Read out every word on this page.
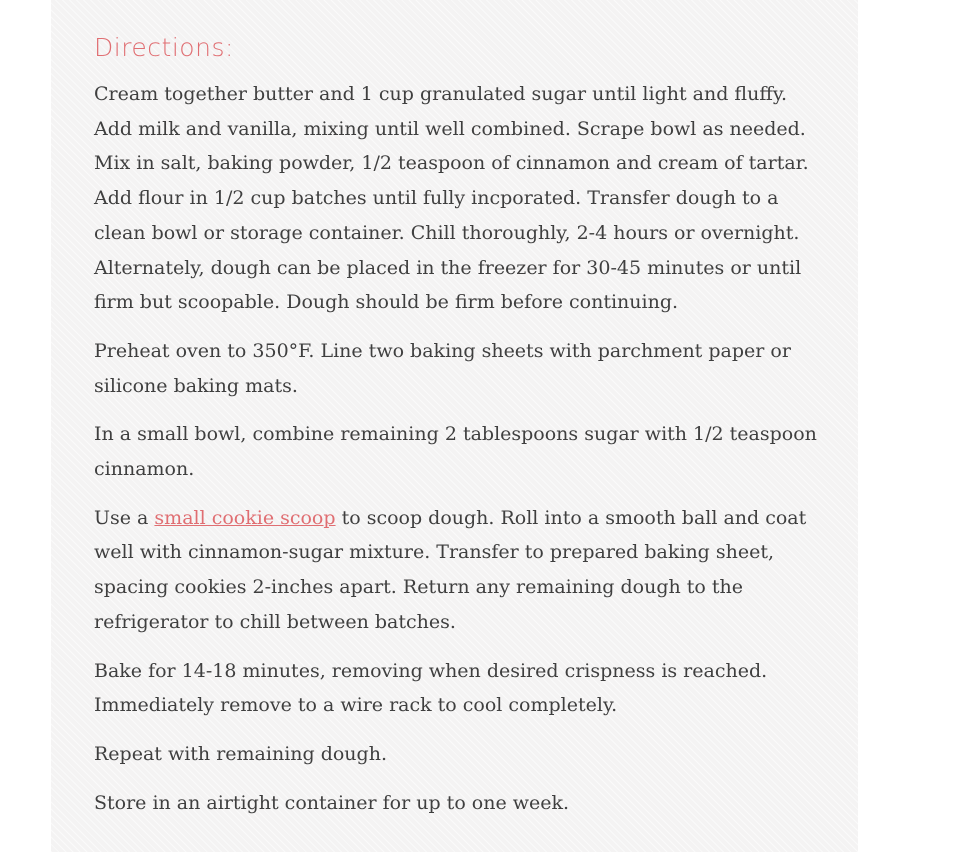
Directions:

Cream together butter and 1 cup granulated sugar until light and fluffy. Add milk and vanilla, mixing until well combined. Scrape bowl as needed. Mix in salt, baking powder, 1/2 teaspoon of cinnamon and cream of tartar. Add flour in 1/2 cup batches until fully incporated. Transfer dough to a clean bowl or storage container. Chill thoroughly, 2-4 hours or overnight. Alternately, dough can be placed in the freezer for 30-45 minutes or until firm but scoopable. Dough should be firm before continuing.

Preheat oven to 350°F. Line two baking sheets with parchment paper or silicone baking mats.

In a small bowl, combine remaining 2 tablespoons sugar with 1/2 teaspoon cinnamon.

Use a small cookie scoop to scoop dough. Roll into a smooth ball and coat well with cinnamon-sugar mixture. Transfer to prepared baking sheet, spacing cookies 2-inches apart. Return any remaining dough to the refrigerator to chill between batches.

Bake for 14-18 minutes, removing when desired crispness is reached. Immediately remove to a wire rack to cool completely.

Repeat with remaining dough.

Store in an airtight container for up to one week.
